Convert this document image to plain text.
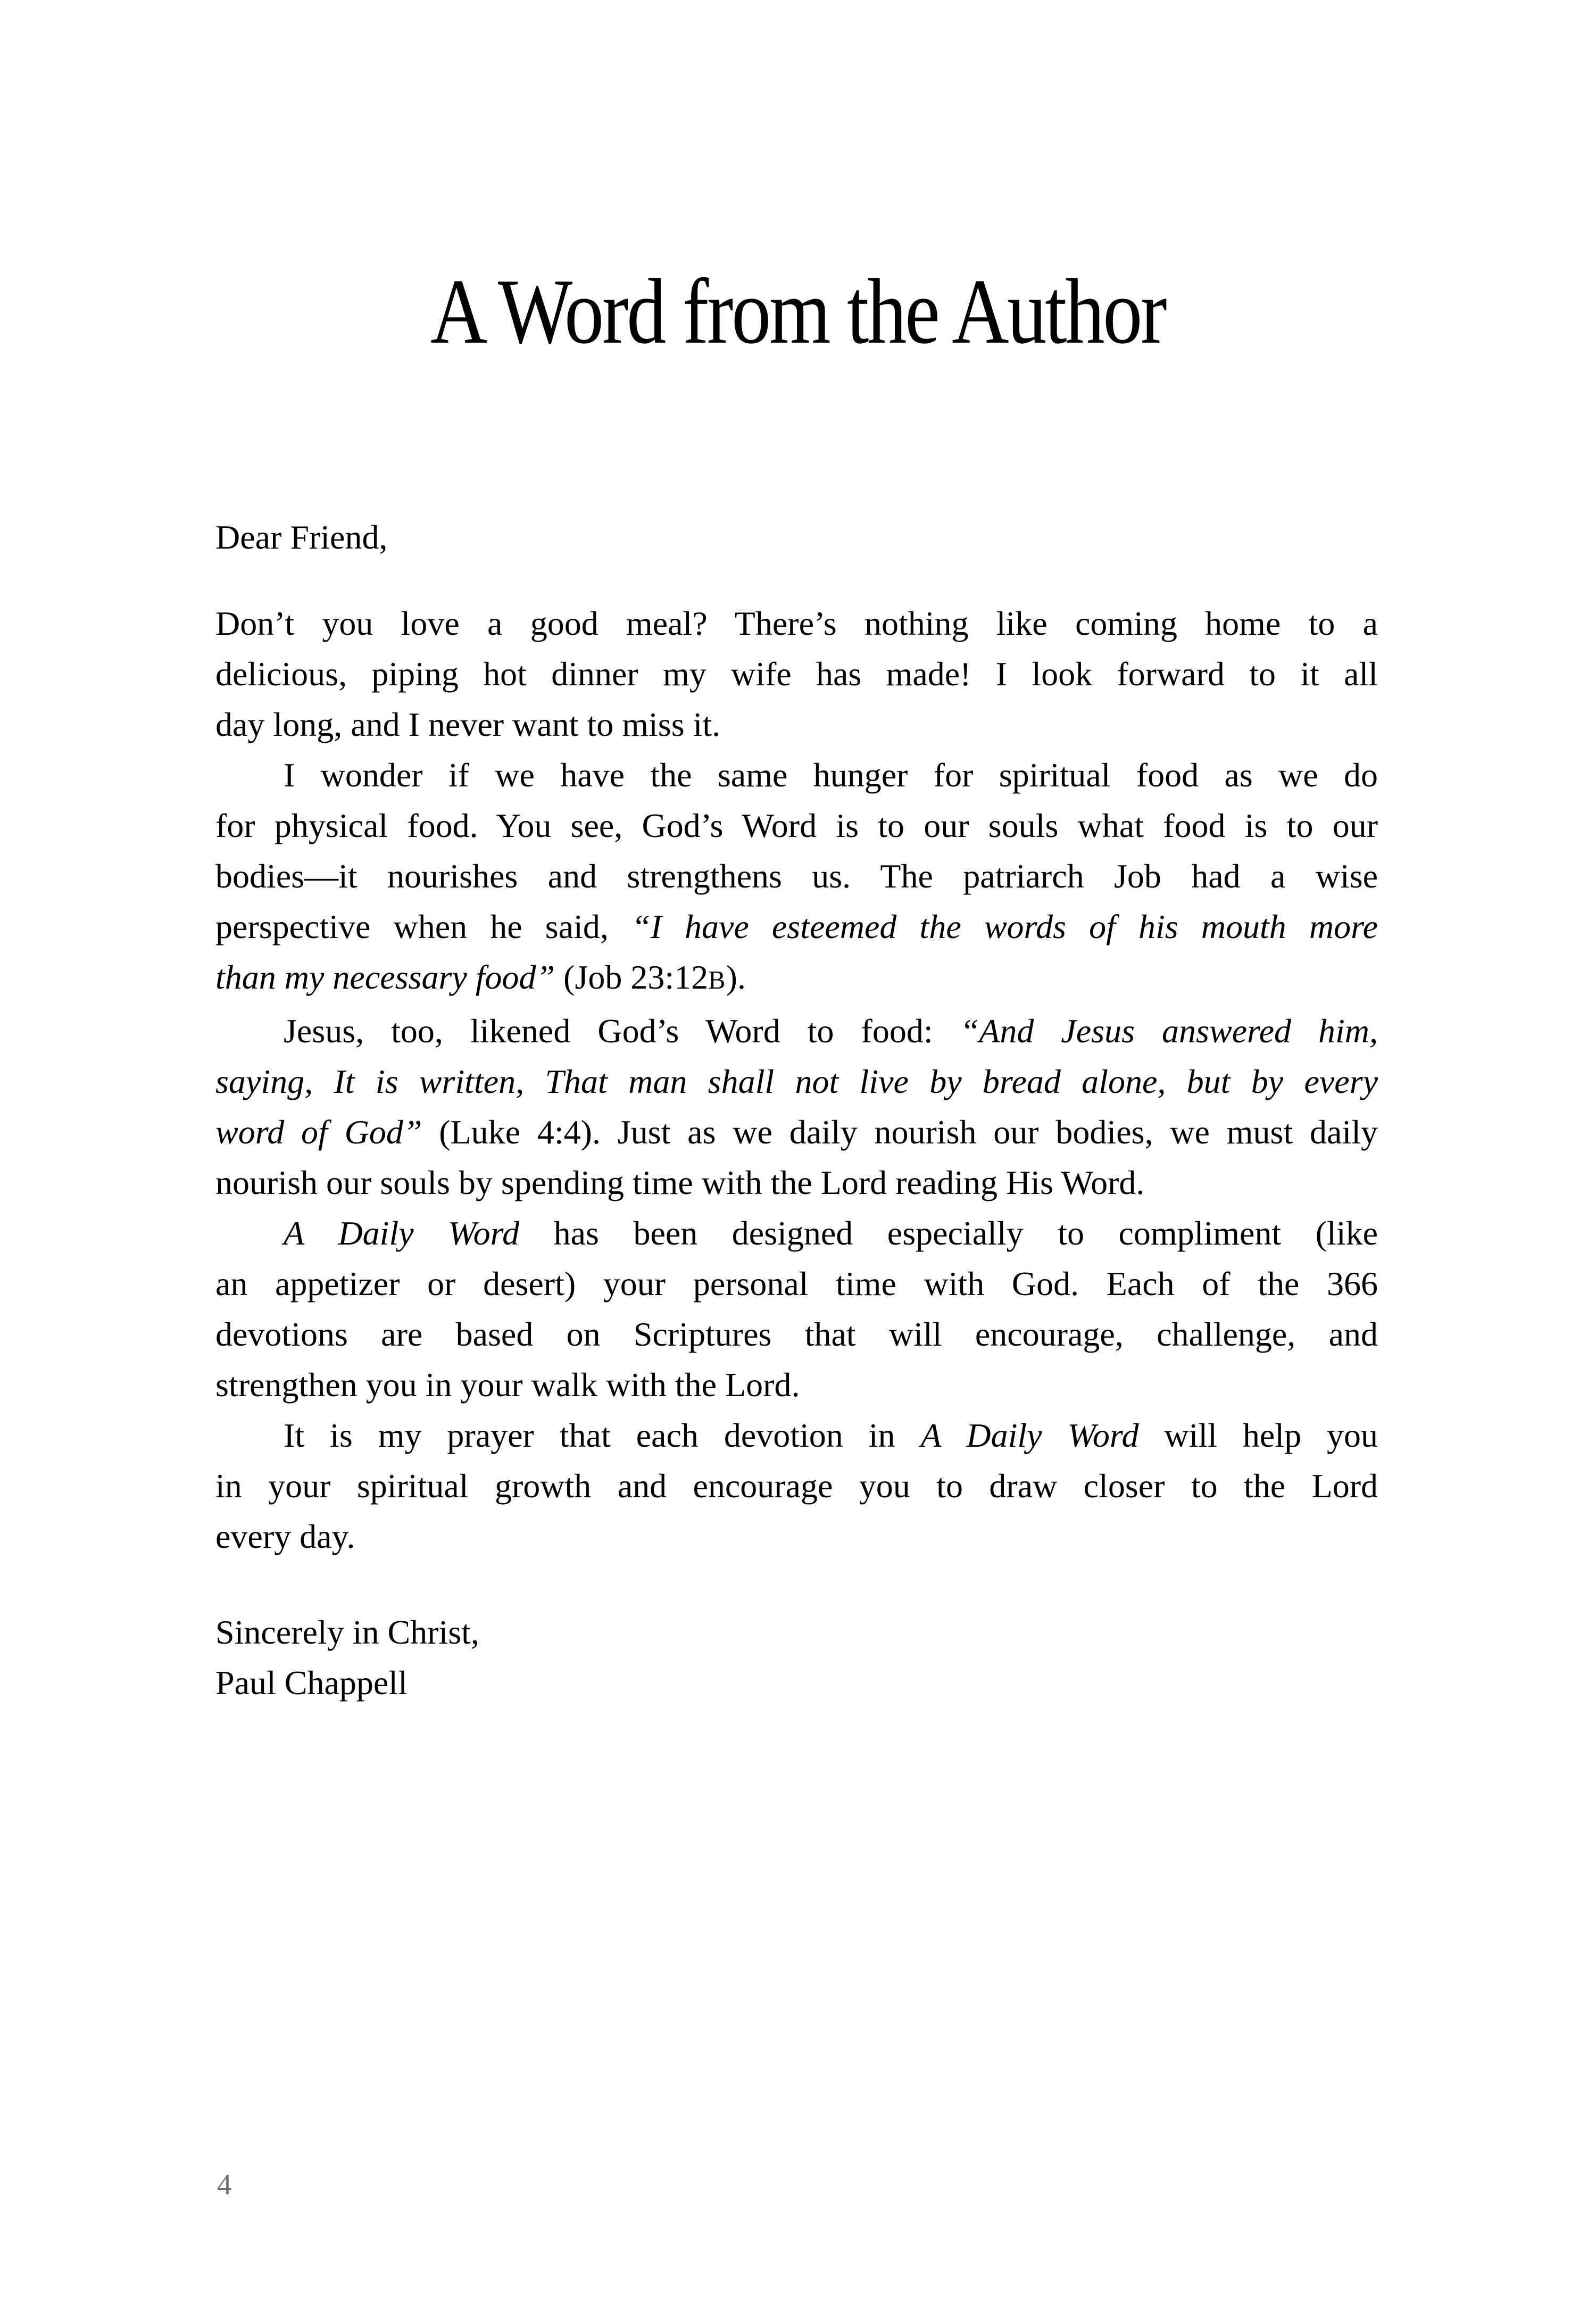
A Word from the Author
Dear Friend,
Don’t you love a good meal? There’s nothing like coming home to a
delicious, piping hot dinner my wife has made! I look forward to it all
day long, and I never want to miss it.
I wonder if we have the same hunger for spiritual food as we do
for physical food. You see, God’s Word is to our souls what food is to our
bodies—it nourishes and strengthens us. The patriarch Job had a wise
perspective when he said, “I have esteemed the words of his mouth more
than my necessary food” (Job 23:12B).
Jesus, too, likened God’s Word to food: “And Jesus answered him,
saying, It is written, That man shall not live by bread alone, but by every
word of God” (Luke 4:4). Just as we daily nourish our bodies, we must daily
nourish our souls by spending time with the Lord reading His Word.
A Daily Word has been designed especially to compliment (like
an appetizer or desert) your personal time with God. Each of the 366
devotions are based on Scriptures that will encourage, challenge, and
strengthen you in your walk with the Lord.
It is my prayer that each devotion in A Daily Word will help you
in your spiritual growth and encourage you to draw closer to the Lord
every day.
Sincerely in Christ,
Paul Chappell
4
